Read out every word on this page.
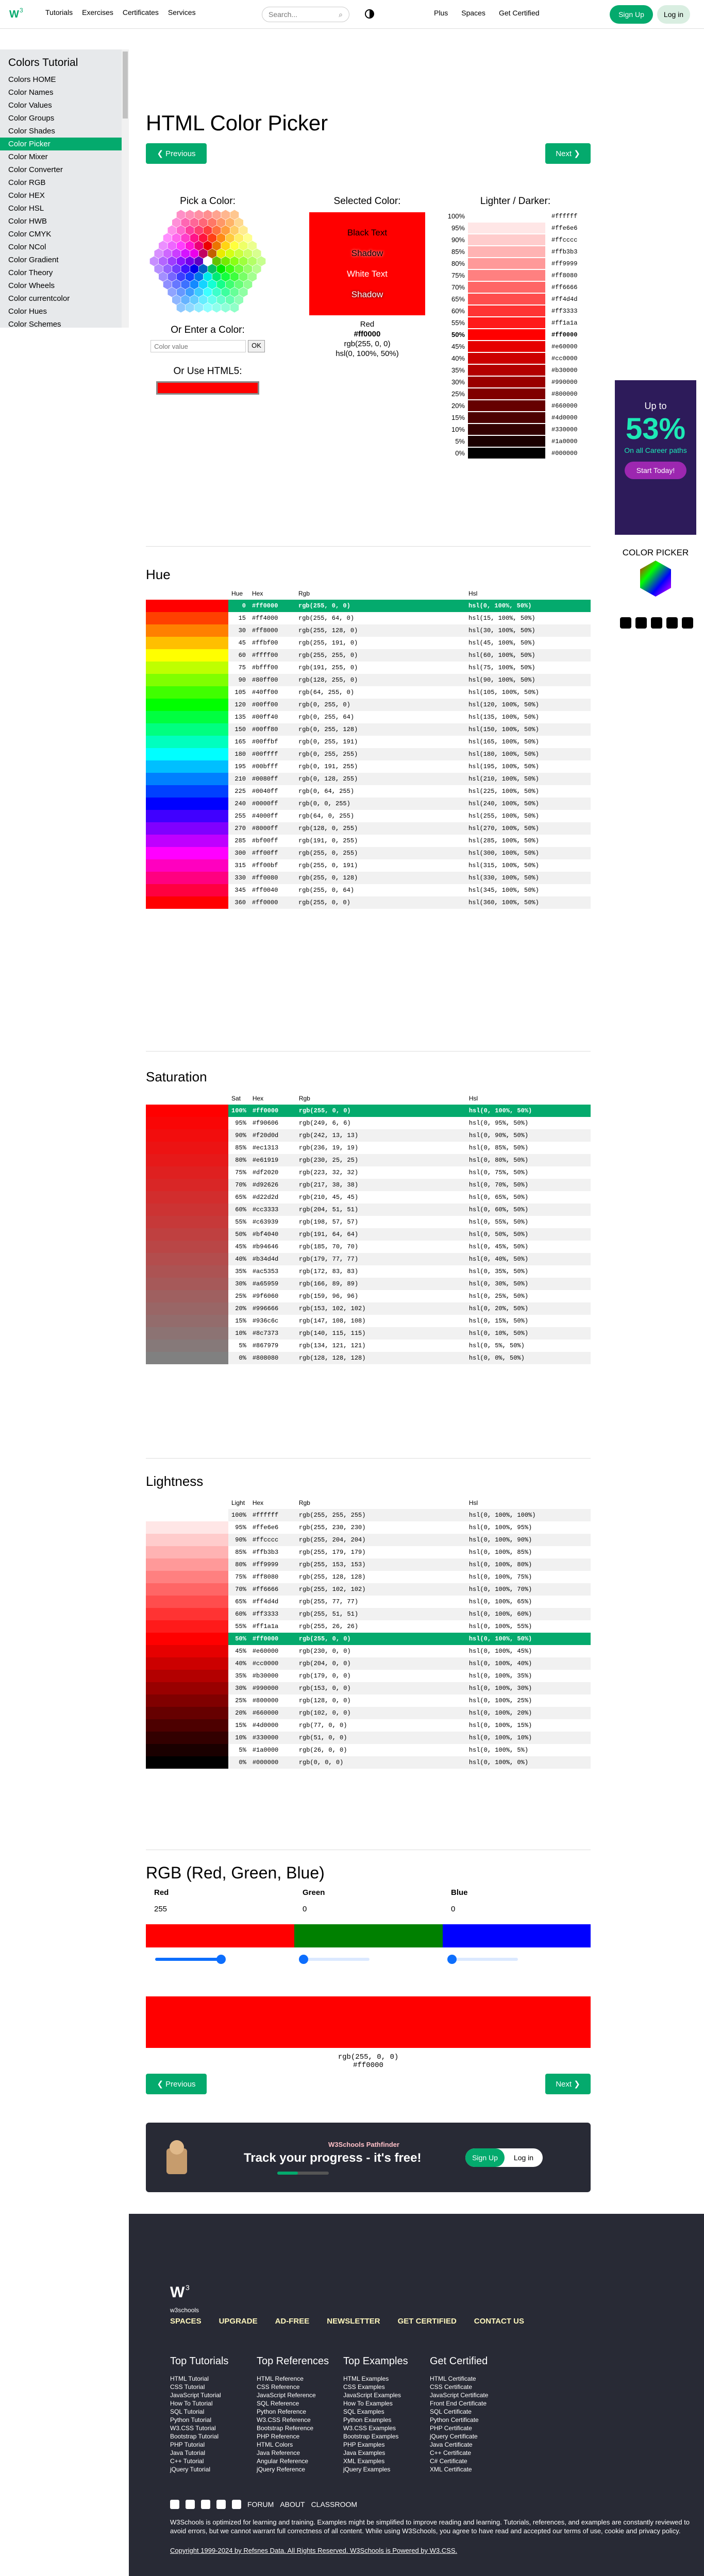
W 3	Tutorials Exercises Certificates Services	Search...	⌕	Plus Spaces Get Certified	Sign Up	Log in
Colors Tutorial
Colors HOME
Color Names
Color Values
Color Groups
Color Shades
Color Picker
Color Mixer
Color Converter
Color RGB
Color HEX
Color HSL
Color HWB
Color CMYK
Color NCol
Color Gradient
Color Theory
Color Wheels
Color currentcolor
Color Hues
Color Schemes
HTML Color Picker
❮ Previous	Next ❯
Pick a Color:
Or Enter a Color:
Color value
OK
Or Use HTML5:
Selected Color:
Black Text
Shadow
White Text
Shadow
Red
#ff0000
rgb(255, 0, 0)
hsl(0, 100%, 50%)
Lighter / Darker:
100%	#ffffff
95%	#ffe6e6
90%	#ffcccc
85%	#ffb3b3
80%	#ff9999
75%	#ff8080
70%	#ff6666
65%	#ff4d4d
60%	#ff3333
55%	#ff1a1a
50%	#ff0000
45%	#e60000
40%	#cc0000
35%	#b30000
30%	#990000
25%	#800000
20%	#660000
15%	#4d0000
10%	#330000
5%	#1a0000
0%	#000000
Hue
	Hue	Hex	Rgb	Hsl
	0	#ff0000	rgb(255, 0, 0)	hsl(0, 100%, 50%)
	15	#ff4000	rgb(255, 64, 0)	hsl(15, 100%, 50%)
	30	#ff8000	rgb(255, 128, 0)	hsl(30, 100%, 50%)
	45	#ffbf00	rgb(255, 191, 0)	hsl(45, 100%, 50%)
	60	#ffff00	rgb(255, 255, 0)	hsl(60, 100%, 50%)
	75	#bfff00	rgb(191, 255, 0)	hsl(75, 100%, 50%)
	90	#80ff00	rgb(128, 255, 0)	hsl(90, 100%, 50%)
	105	#40ff00	rgb(64, 255, 0)	hsl(105, 100%, 50%)
	120	#00ff00	rgb(0, 255, 0)	hsl(120, 100%, 50%)
	135	#00ff40	rgb(0, 255, 64)	hsl(135, 100%, 50%)
	150	#00ff80	rgb(0, 255, 128)	hsl(150, 100%, 50%)
	165	#00ffbf	rgb(0, 255, 191)	hsl(165, 100%, 50%)
	180	#00ffff	rgb(0, 255, 255)	hsl(180, 100%, 50%)
	195	#00bfff	rgb(0, 191, 255)	hsl(195, 100%, 50%)
	210	#0080ff	rgb(0, 128, 255)	hsl(210, 100%, 50%)
	225	#0040ff	rgb(0, 64, 255)	hsl(225, 100%, 50%)
	240	#0000ff	rgb(0, 0, 255)	hsl(240, 100%, 50%)
	255	#4000ff	rgb(64, 0, 255)	hsl(255, 100%, 50%)
	270	#8000ff	rgb(128, 0, 255)	hsl(270, 100%, 50%)
	285	#bf00ff	rgb(191, 0, 255)	hsl(285, 100%, 50%)
	300	#ff00ff	rgb(255, 0, 255)	hsl(300, 100%, 50%)
	315	#ff00bf	rgb(255, 0, 191)	hsl(315, 100%, 50%)
	330	#ff0080	rgb(255, 0, 128)	hsl(330, 100%, 50%)
	345	#ff0040	rgb(255, 0, 64)	hsl(345, 100%, 50%)
	360	#ff0000	rgb(255, 0, 0)	hsl(360, 100%, 50%)
Saturation
	Sat	Hex	Rgb	Hsl
	100%	#ff0000	rgb(255, 0, 0)	hsl(0, 100%, 50%)
	95%	#f90606	rgb(249, 6, 6)	hsl(0, 95%, 50%)
	90%	#f20d0d	rgb(242, 13, 13)	hsl(0, 90%, 50%)
	85%	#ec1313	rgb(236, 19, 19)	hsl(0, 85%, 50%)
	80%	#e61919	rgb(230, 25, 25)	hsl(0, 80%, 50%)
	75%	#df2020	rgb(223, 32, 32)	hsl(0, 75%, 50%)
	70%	#d92626	rgb(217, 38, 38)	hsl(0, 70%, 50%)
	65%	#d22d2d	rgb(210, 45, 45)	hsl(0, 65%, 50%)
	60%	#cc3333	rgb(204, 51, 51)	hsl(0, 60%, 50%)
	55%	#c63939	rgb(198, 57, 57)	hsl(0, 55%, 50%)
	50%	#bf4040	rgb(191, 64, 64)	hsl(0, 50%, 50%)
	45%	#b94646	rgb(185, 70, 70)	hsl(0, 45%, 50%)
	40%	#b34d4d	rgb(179, 77, 77)	hsl(0, 40%, 50%)
	35%	#ac5353	rgb(172, 83, 83)	hsl(0, 35%, 50%)
	30%	#a65959	rgb(166, 89, 89)	hsl(0, 30%, 50%)
	25%	#9f6060	rgb(159, 96, 96)	hsl(0, 25%, 50%)
	20%	#996666	rgb(153, 102, 102)	hsl(0, 20%, 50%)
	15%	#936c6c	rgb(147, 108, 108)	hsl(0, 15%, 50%)
	10%	#8c7373	rgb(140, 115, 115)	hsl(0, 10%, 50%)
	5%	#867979	rgb(134, 121, 121)	hsl(0, 5%, 50%)
	0%	#808080	rgb(128, 128, 128)	hsl(0, 0%, 50%)
Lightness
	Light	Hex	Rgb	Hsl
	100%	#ffffff	rgb(255, 255, 255)	hsl(0, 100%, 100%)
	95%	#ffe6e6	rgb(255, 230, 230)	hsl(0, 100%, 95%)
	90%	#ffcccc	rgb(255, 204, 204)	hsl(0, 100%, 90%)
	85%	#ffb3b3	rgb(255, 179, 179)	hsl(0, 100%, 85%)
	80%	#ff9999	rgb(255, 153, 153)	hsl(0, 100%, 80%)
	75%	#ff8080	rgb(255, 128, 128)	hsl(0, 100%, 75%)
	70%	#ff6666	rgb(255, 102, 102)	hsl(0, 100%, 70%)
	65%	#ff4d4d	rgb(255, 77, 77)	hsl(0, 100%, 65%)
	60%	#ff3333	rgb(255, 51, 51)	hsl(0, 100%, 60%)
	55%	#ff1a1a	rgb(255, 26, 26)	hsl(0, 100%, 55%)
	50%	#ff0000	rgb(255, 0, 0)	hsl(0, 100%, 50%)
	45%	#e60000	rgb(230, 0, 0)	hsl(0, 100%, 45%)
	40%	#cc0000	rgb(204, 0, 0)	hsl(0, 100%, 40%)
	35%	#b30000	rgb(179, 0, 0)	hsl(0, 100%, 35%)
	30%	#990000	rgb(153, 0, 0)	hsl(0, 100%, 30%)
	25%	#800000	rgb(128, 0, 0)	hsl(0, 100%, 25%)
	20%	#660000	rgb(102, 0, 0)	hsl(0, 100%, 20%)
	15%	#4d0000	rgb(77, 0, 0)	hsl(0, 100%, 15%)
	10%	#330000	rgb(51, 0, 0)	hsl(0, 100%, 10%)
	5%	#1a0000	rgb(26, 0, 0)	hsl(0, 100%, 5%)
	0%	#000000	rgb(0, 0, 0)	hsl(0, 100%, 0%)
RGB (Red, Green, Blue)
Red	Green	Blue
255	0	0
rgb(255, 0, 0)
#ff0000
❮ Previous	Next ❯
W3Schools Pathfinder
Track your progress - it's free!	Sign Up	Log in
Up to
53%
On all Career paths
Start Today!
COLOR PICKER
W 3
w3schools
SPACES UPGRADE AD-FREE NEWSLETTER GET CERTIFIED CONTACT US
Top Tutorials
HTML Tutorial
CSS Tutorial
JavaScript Tutorial
How To Tutorial
SQL Tutorial
Python Tutorial
W3.CSS Tutorial
Bootstrap Tutorial
PHP Tutorial
Java Tutorial
C++ Tutorial
jQuery Tutorial
Top References
HTML Reference
CSS Reference
JavaScript Reference
SQL Reference
Python Reference
W3.CSS Reference
Bootstrap Reference
PHP Reference
HTML Colors
Java Reference
Angular Reference
jQuery Reference
Top Examples
HTML Examples
CSS Examples
JavaScript Examples
How To Examples
SQL Examples
Python Examples
W3.CSS Examples
Bootstrap Examples
PHP Examples
Java Examples
XML Examples
jQuery Examples
Get Certified
HTML Certificate
CSS Certificate
JavaScript Certificate
Front End Certificate
SQL Certificate
Python Certificate
PHP Certificate
jQuery Certificate
Java Certificate
C++ Certificate
C# Certificate
XML Certificate
FORUM ABOUT CLASSROOM
W3Schools is optimized for learning and training. Examples might be simplified to improve reading and learning. Tutorials, references, and examples are constantly reviewed to avoid errors, but we cannot warrant full correctness of all content. While using W3Schools, you agree to have read and accepted our terms of use, cookie and privacy policy.
Copyright 1999-2024 by Refsnes Data. All Rights Reserved. W3Schools is Powered by W3.CSS.
